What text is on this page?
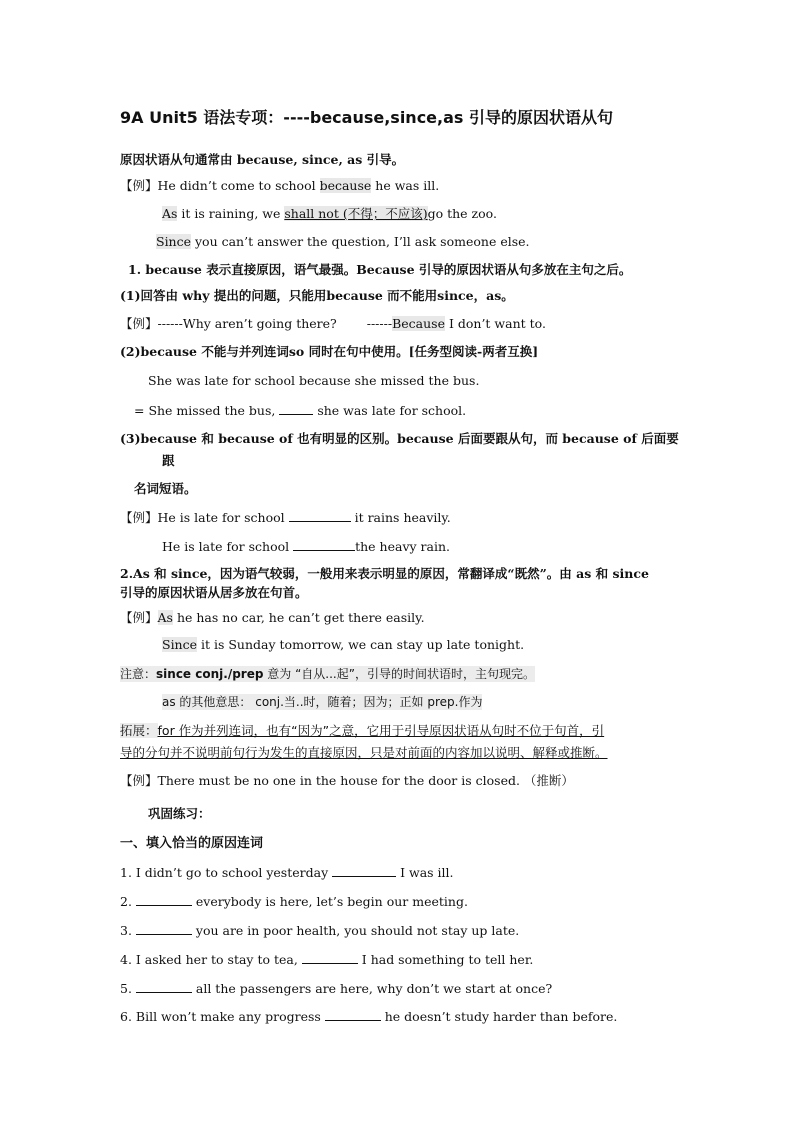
9A Unit5 语法专项：----because,since,as 引导的原因状语从句
原因状语从句通常由 because, since, as 引导。
【例】He didn’t come to school because he was ill.
As it is raining, we shall not (不得；不应该)go the zoo.
Since you can’t answer the question, I’ll ask someone else.
1. because 表示直接原因，语气最强。Because 引导的原因状语从句多放在主句之后。
(1)回答由 why 提出的问题，只能用because 而不能用since，as。
【例】------Why aren’t going there? ------Because I don’t want to.
(2)because 不能与并列连词so 同时在句中使用。[任务型阅读-两者互换]
She was late for school because she missed the bus.
= She missed the bus,	she was late for school.
(3)because 和 because of 也有明显的区别。because 后面要跟从句，而 because of 后面要
跟
名词短语。
【例】He is late for school	it rains heavily.
He is late for school	the heavy rain.
2.As 和 since，因为语气较弱，一般用来表示明显的原因，常翻译成“既然”。由 as 和 since
引导的原因状语从居多放在句首。
【例】As he has no car, he can’t get there easily.
Since it is Sunday tomorrow, we can stay up late tonight.
注意：since conj./prep 意为 “自从...起”，引导的时间状语时，主句现完。
as 的其他意思： conj.当..时，随着；因为；正如 prep.作为
拓展：for 作为并列连词，也有“因为”之意，它用于引导原因状语从句时不位于句首，引
导的分句并不说明前句行为发生的直接原因，只是对前面的内容加以说明、解释或推断。
【例】There must be no one in the house for the door is closed. （推断）
巩固练习：
一、填入恰当的原因连词
1. I didn’t go to school yesterday	I was ill.
2.	everybody is here, let’s begin our meeting.
3.	you are in poor health, you should not stay up late.
4. I asked her to stay to tea,	I had something to tell her.
5.	all the passengers are here, why don’t we start at once?
6. Bill won’t make any progress	he doesn’t study harder than before.
